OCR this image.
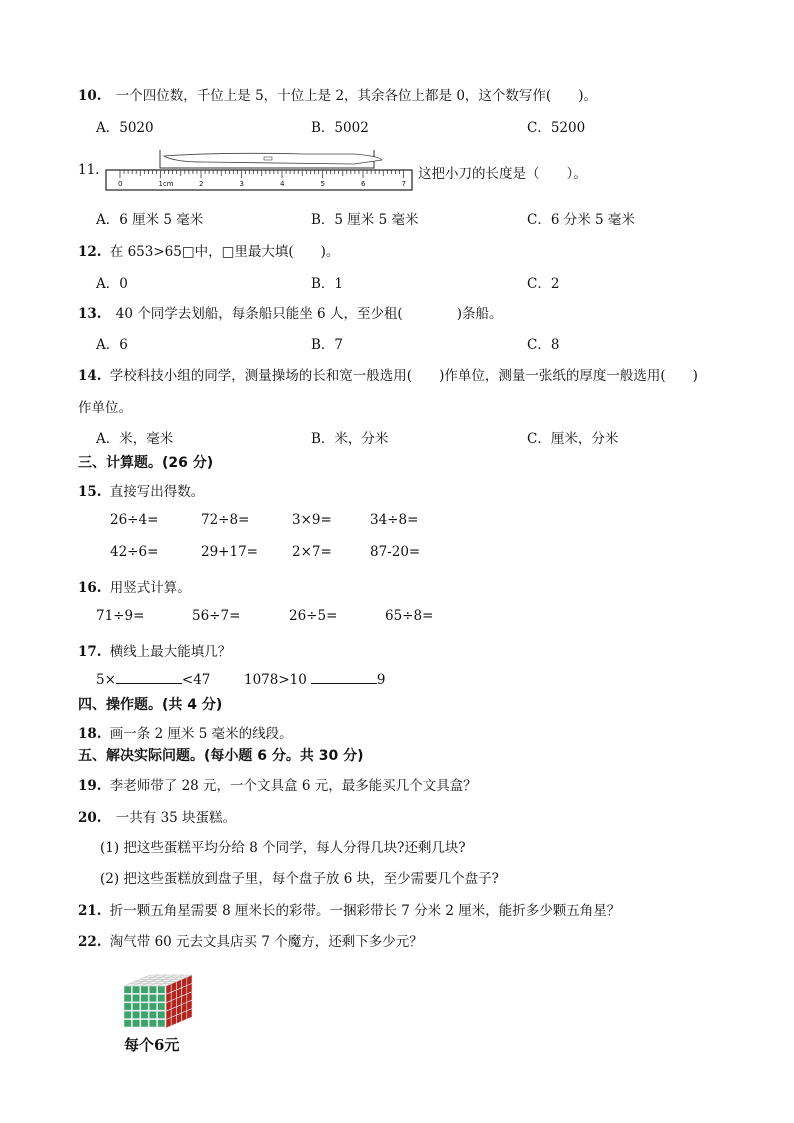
10. 一个四位数，千位上是 5，十位上是 2，其余各位上都是 0，这个数写作(　　)。
A．5020	B．5002	C．5200
11.
0	1cm	2	3	4	5	6	7
这把小刀的长度是（　　）。
A．6 厘米 5 毫米	B．5 厘米 5 毫米	C．6 分米 5 毫米
12. 在 653>65□中，□里最大填(　　)。
A．0	B．1	C．2
13. 40 个同学去划船，每条船只能坐 6 人，至少租(　　　　)条船。
A．6	B．7	C．8
14. 学校科技小组的同学，测量操场的长和宽一般选用(　　)作单位，测量一张纸的厚度一般选用(　　)
作单位。
A．米，毫米	B．米，分米	C．厘米，分米
三、计算题。(26 分)
15. 直接写出得数。
26÷4=	72÷8=	3×9=	34÷8=
42÷6=	29+17=	2×7=	87-20=
16. 用竖式计算。
71÷9=	56÷7=	26÷5=	65÷8=
17. 横线上最大能填几？
5×	<47 1078>10	9
四、操作题。(共 4 分)
18. 画一条 2 厘米 5 毫米的线段。
五、解决实际问题。(每小题 6 分。共 30 分)
19. 李老师带了 28 元，一个文具盒 6 元，最多能买几个文具盒？
20. 一共有 35 块蛋糕。
(1) 把这些蛋糕平均分给 8 个同学，每人分得几块?还剩几块?
(2) 把这些蛋糕放到盘子里，每个盘子放 6 块，至少需要几个盘子?
21. 折一颗五角星需要 8 厘米长的彩带。一捆彩带长 7 分米 2 厘米，能折多少颗五角星？
22. 淘气带 60 元去文具店买 7 个魔方，还剩下多少元？
每个6元
